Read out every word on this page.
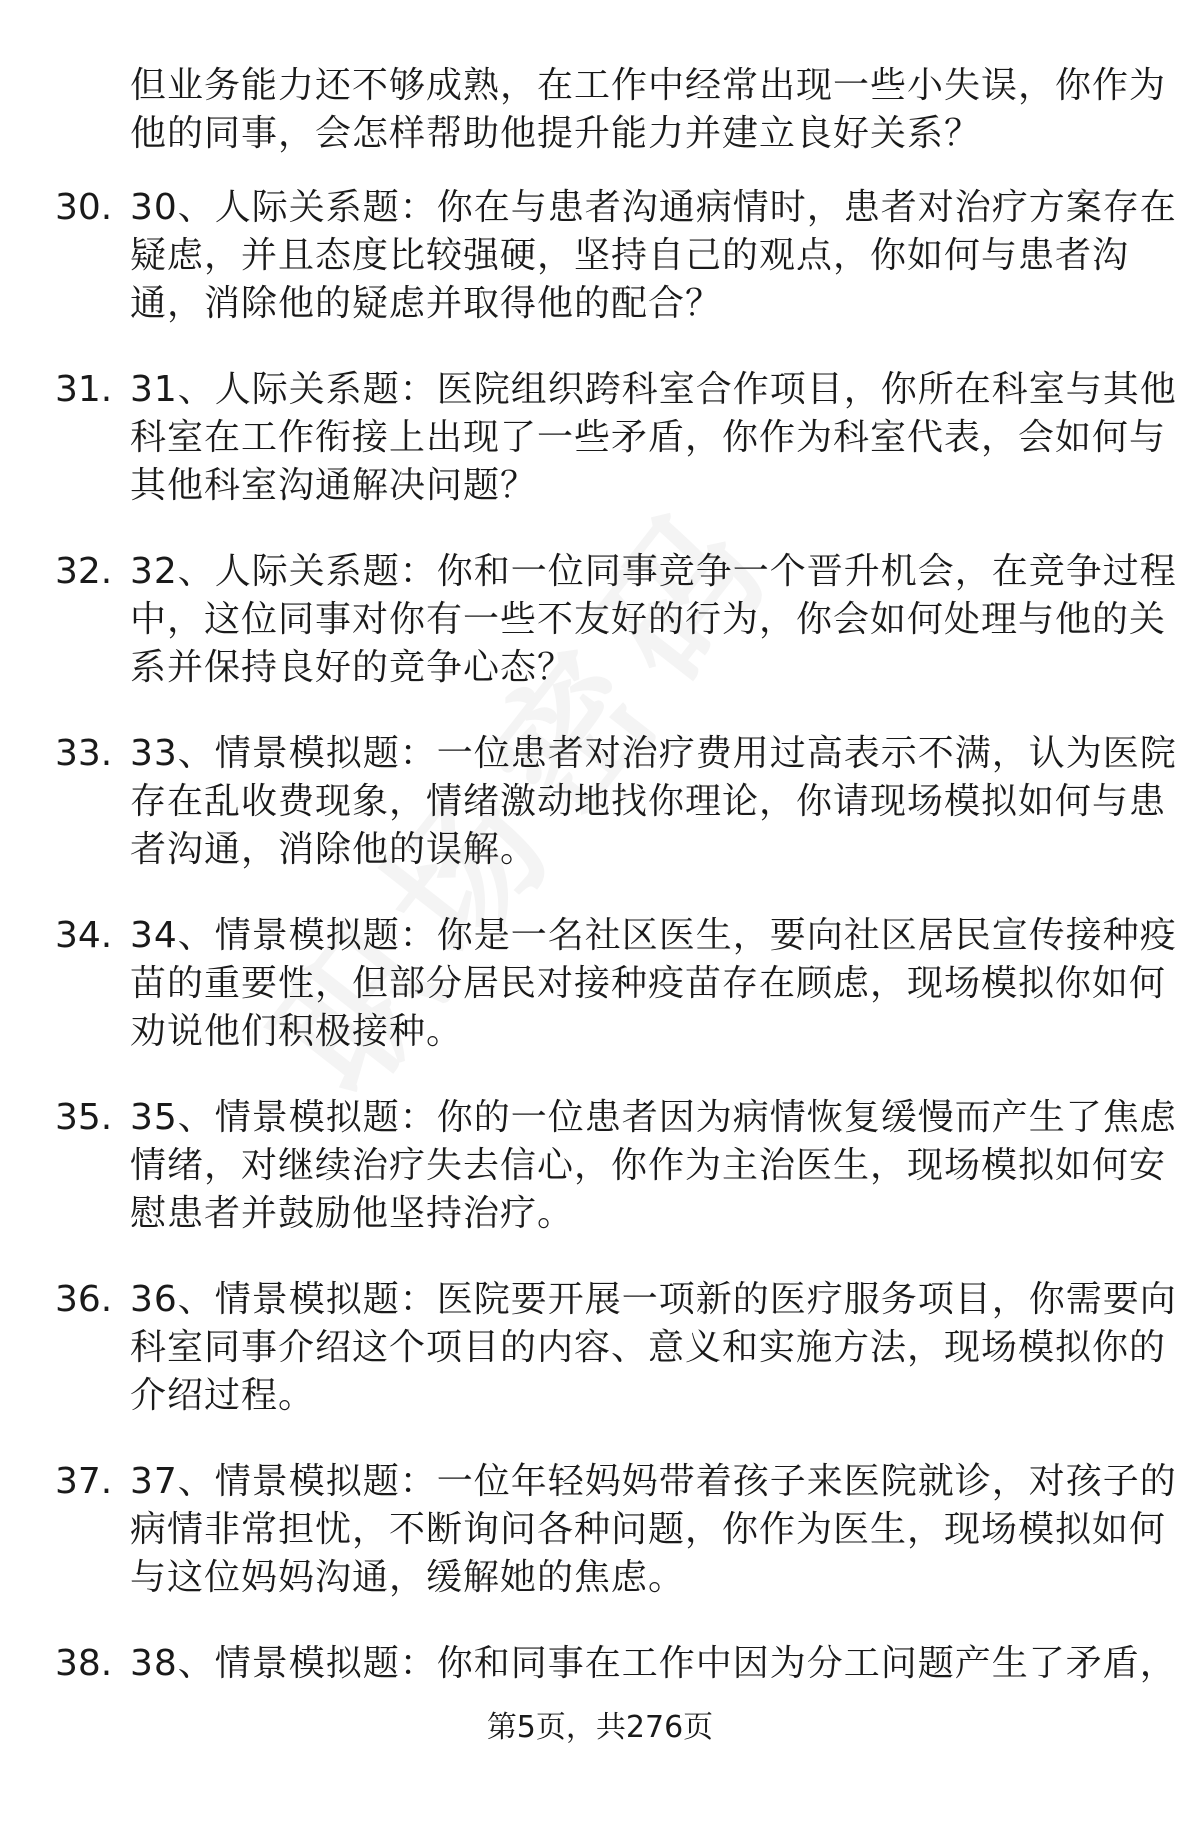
但业务能力还不够成熟，在工作中经常出现一些小失误，你作为
他的同事，会怎样帮助他提升能力并建立良好关系？
30. 30、人际关系题：你在与患者沟通病情时，患者对治疗方案存在
疑虑，并且态度比较强硬，坚持自己的观点，你如何与患者沟
通，消除他的疑虑并取得他的配合？
31. 31、人际关系题：医院组织跨科室合作项目，你所在科室与其他
科室在工作衔接上出现了一些矛盾，你作为科室代表，会如何与
其他科室沟通解决问题？
32. 32、人际关系题：你和一位同事竞争一个晋升机会，在竞争过程
中，这位同事对你有一些不友好的行为，你会如何处理与他的关
系并保持良好的竞争心态？
33. 33、情景模拟题：一位患者对治疗费用过高表示不满，认为医院
存在乱收费现象，情绪激动地找你理论，你请现场模拟如何与患
者沟通，消除他的误解。
34. 34、情景模拟题：你是一名社区医生，要向社区居民宣传接种疫
苗的重要性，但部分居民对接种疫苗存在顾虑，现场模拟你如何
劝说他们积极接种。
35. 35、情景模拟题：你的一位患者因为病情恢复缓慢而产生了焦虑
情绪，对继续治疗失去信心，你作为主治医生，现场模拟如何安
慰患者并鼓励他坚持治疗。
36. 36、情景模拟题：医院要开展一项新的医疗服务项目，你需要向
科室同事介绍这个项目的内容、意义和实施方法，现场模拟你的
介绍过程。
37. 37、情景模拟题：一位年轻妈妈带着孩子来医院就诊，对孩子的
病情非常担忧，不断询问各种问题，你作为医生，现场模拟如何
与这位妈妈沟通，缓解她的焦虑。
38. 38、情景模拟题：你和同事在工作中因为分工问题产生了矛盾，
第5页，共276页
